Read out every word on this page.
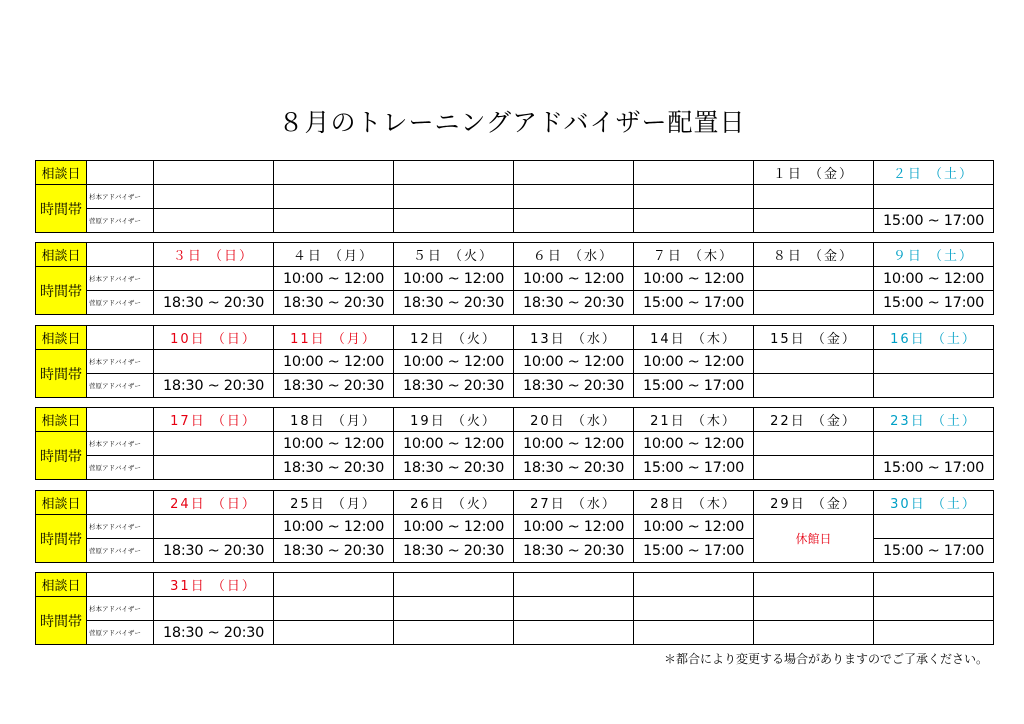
８月のトレーニングアドバイザー配置日
相談日							１日 （金）	２日 （土）
時間帯	杉本アドバイザー							
	菅原アドバイザー							15:00 ~ 17:00
相談日		３日 （日）	４日 （月）	５日 （火）	６日 （水）	７日 （木）	８日 （金）	９日 （土）
時間帯	杉本アドバイザー		10:00 ~ 12:00	10:00 ~ 12:00	10:00 ~ 12:00	10:00 ~ 12:00		10:00 ~ 12:00
	菅原アドバイザー	18:30 ~ 20:30	18:30 ~ 20:30	18:30 ~ 20:30	18:30 ~ 20:30	15:00 ~ 17:00		15:00 ~ 17:00
相談日		10日 （日）	11日 （月）	12日 （火）	13日 （水）	14日 （木）	15日 （金）	16日 （土）
時間帯	杉本アドバイザー		10:00 ~ 12:00	10:00 ~ 12:00	10:00 ~ 12:00	10:00 ~ 12:00		
	菅原アドバイザー	18:30 ~ 20:30	18:30 ~ 20:30	18:30 ~ 20:30	18:30 ~ 20:30	15:00 ~ 17:00		
相談日		17日 （日）	18日 （月）	19日 （火）	20日 （水）	21日 （木）	22日 （金）	23日 （土）
時間帯	杉本アドバイザー		10:00 ~ 12:00	10:00 ~ 12:00	10:00 ~ 12:00	10:00 ~ 12:00		
	菅原アドバイザー		18:30 ~ 20:30	18:30 ~ 20:30	18:30 ~ 20:30	15:00 ~ 17:00		15:00 ~ 17:00
相談日		24日 （日）	25日 （月）	26日 （火）	27日 （水）	28日 （木）	29日 （金）	30日 （土）
時間帯	杉本アドバイザー		10:00 ~ 12:00	10:00 ~ 12:00	10:00 ~ 12:00	10:00 ~ 12:00	休館日	
	菅原アドバイザー	18:30 ~ 20:30	18:30 ~ 20:30	18:30 ~ 20:30	18:30 ~ 20:30	15:00 ~ 17:00		15:00 ~ 17:00
相談日		31日 （日）						
時間帯	杉本アドバイザー							
	菅原アドバイザー	18:30 ~ 20:30						
＊都合により変更する場合がありますのでご了承ください。
